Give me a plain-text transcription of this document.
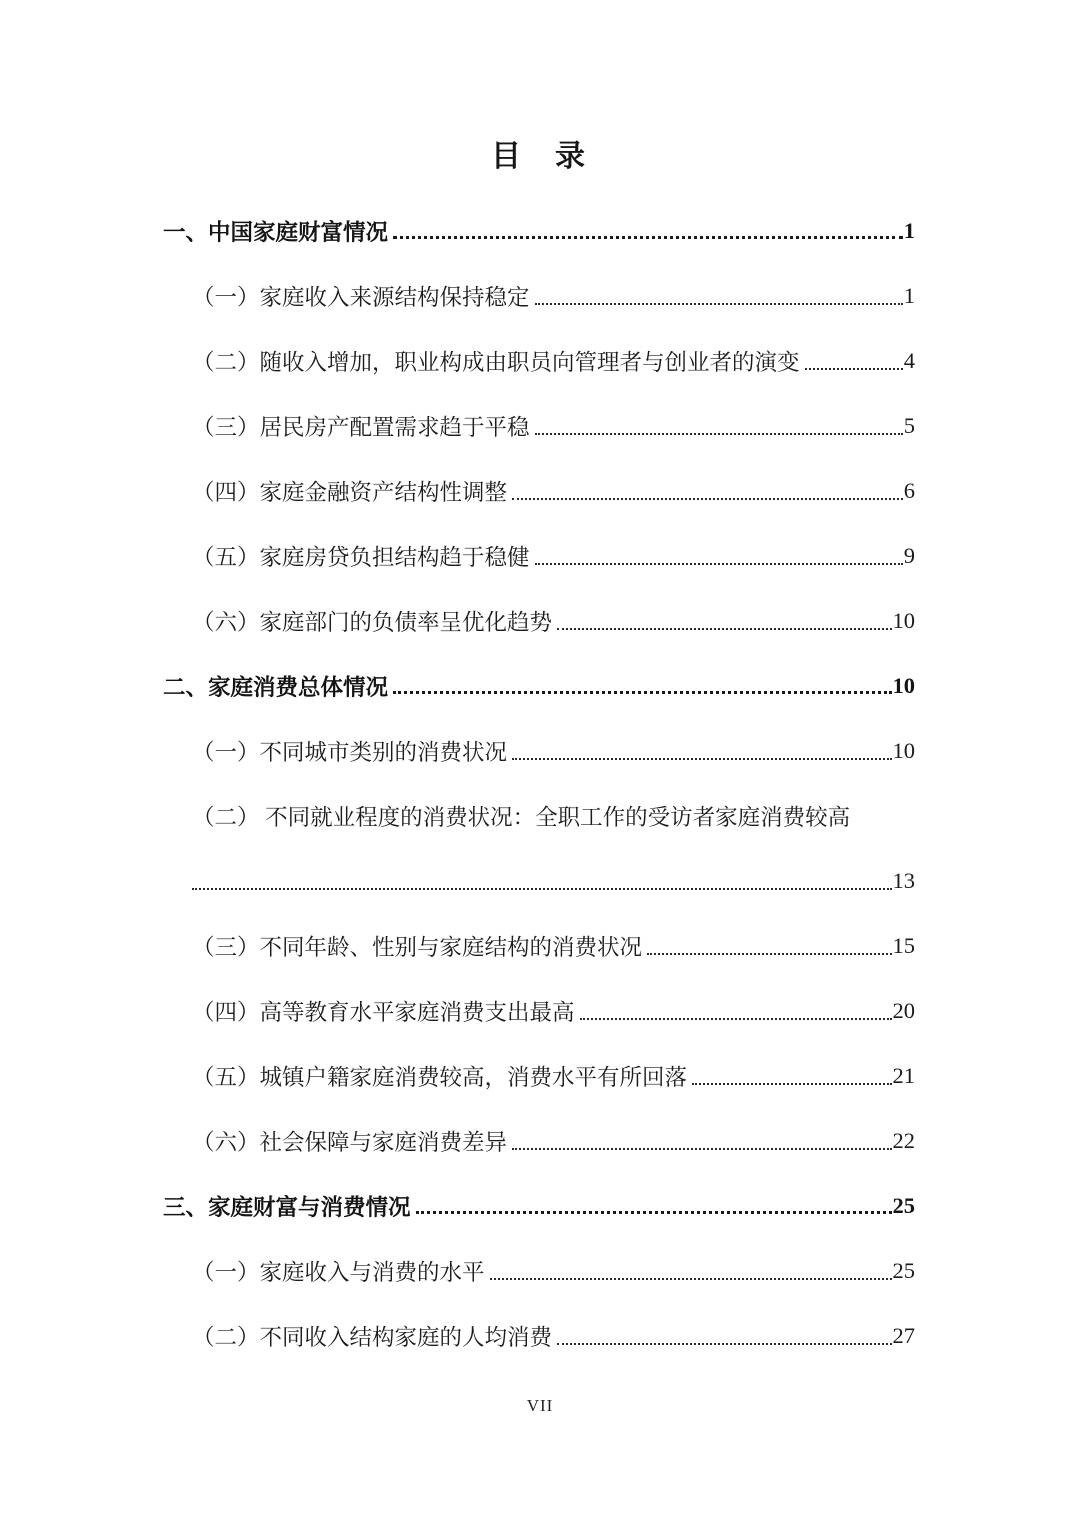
目　录
一、中国家庭财富情况	1
（一）家庭收入来源结构保持稳定	1
（二）随收入增加，职业构成由职员向管理者与创业者的演变	4
（三）居民房产配置需求趋于平稳	5
（四）家庭金融资产结构性调整	6
（五）家庭房贷负担结构趋于稳健	9
（六）家庭部门的负债率呈优化趋势	10
二、家庭消费总体情况	10
（一）不同城市类别的消费状况	10
（二） 不同就业程度的消费状况：全职工作的受访者家庭消费较高
13
（三）不同年龄、性别与家庭结构的消费状况	15
（四）高等教育水平家庭消费支出最高	20
（五）城镇户籍家庭消费较高，消费水平有所回落	21
（六）社会保障与家庭消费差异	22
三、家庭财富与消费情况	25
（一）家庭收入与消费的水平	25
（二）不同收入结构家庭的人均消费	27
VII
